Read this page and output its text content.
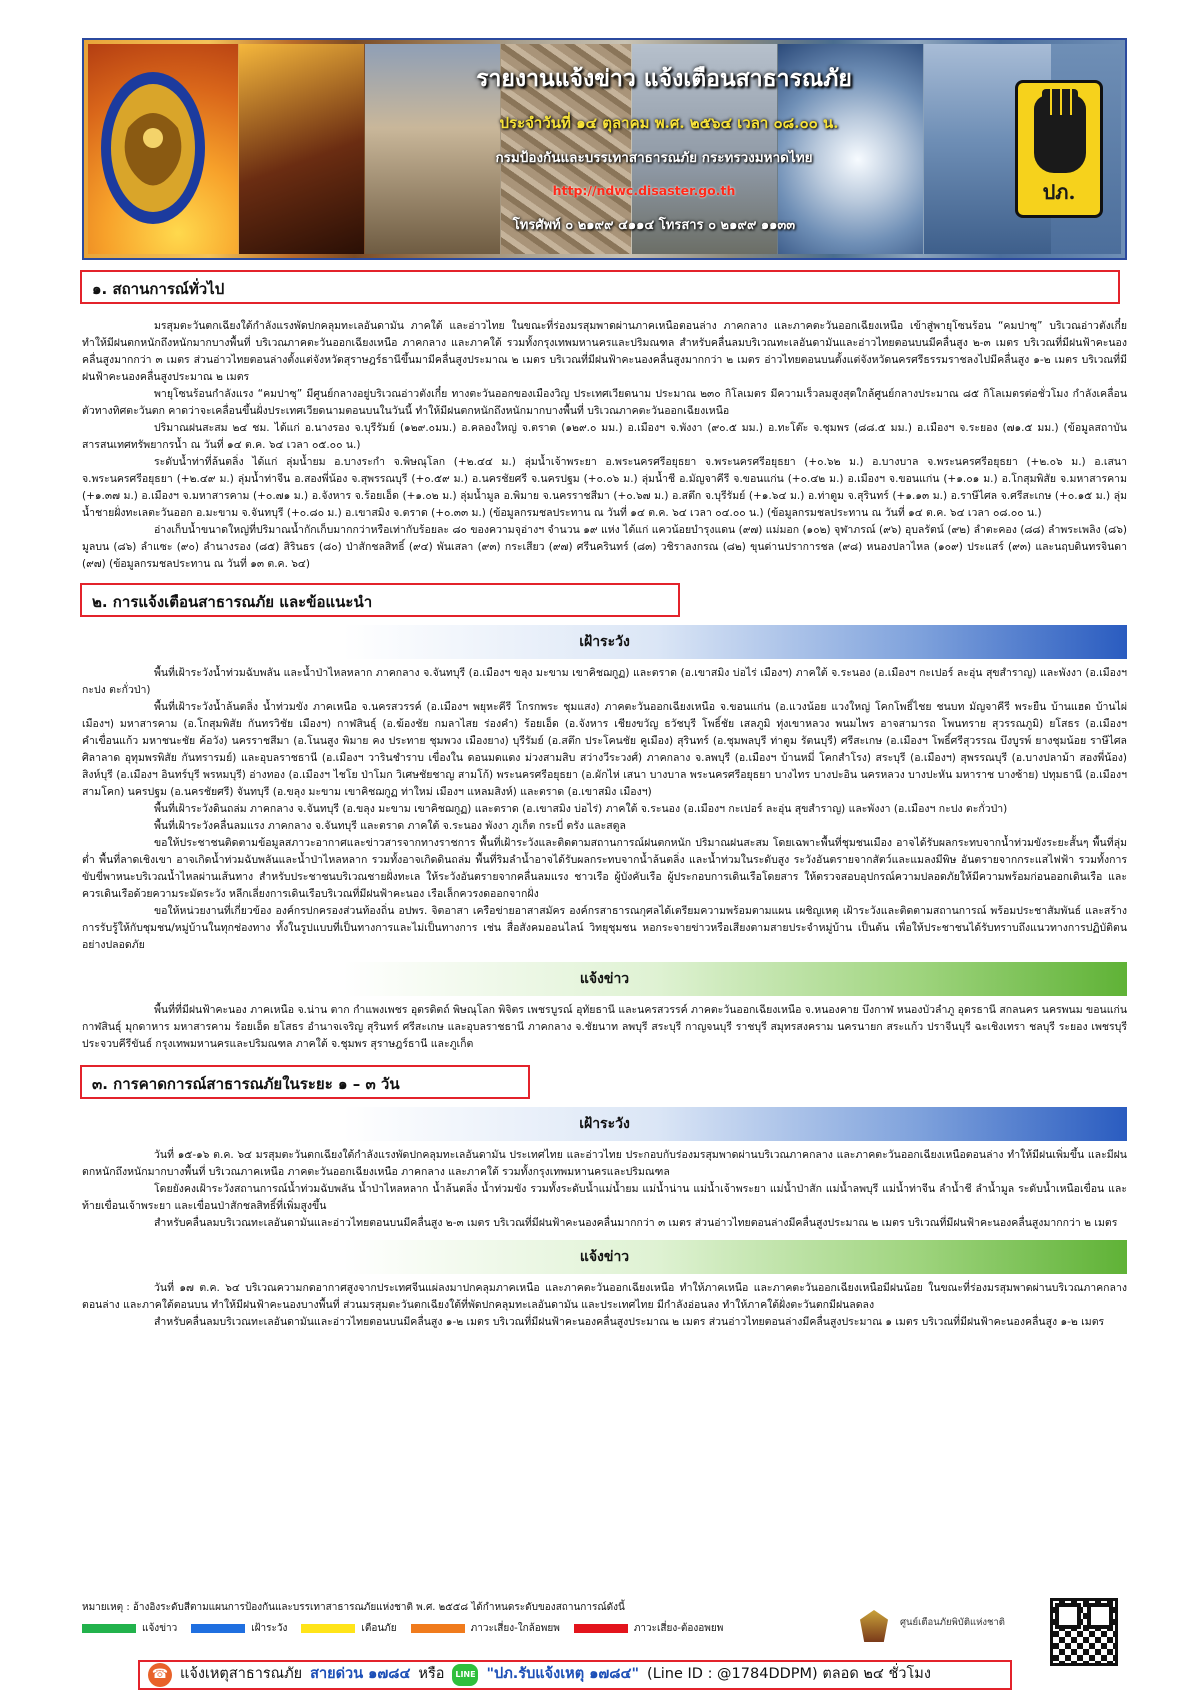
รายงานแจ้งข่าว แจ้งเตือนสาธารณภัย
ประจำวันที่ ๑๔ ตุลาคม พ.ศ. ๒๕๖๔ เวลา ๐๘.๐๐ น.
กรมป้องกันและบรรเทาสาธารณภัย กระทรวงมหาดไทย
http://ndwc.disaster.go.th
โทรศัพท์ ๐ ๒๑๙๙ ๔๑๑๔ โทรสาร ๐ ๒๑๙๙ ๑๑๓๓
ปภ.
๑. สถานการณ์ทั่วไป

มรสุมตะวันตกเฉียงใต้กำลังแรงพัดปกคลุมทะเลอันดามัน ภาคใต้ และอ่าวไทย ในขณะที่ร่องมรสุมพาดผ่านภาคเหนือตอนล่าง ภาคกลาง และภาคตะวันออกเฉียงเหนือ เข้าสู่พายุโซนร้อน “คมปาซุ” บริเวณอ่าวตังเกี๋ย ทำให้มีฝนตกหนักถึงหนักมากบางพื้นที่ บริเวณภาคตะวันออกเฉียงเหนือ ภาคกลาง และภาคใต้ รวมทั้งกรุงเทพมหานครและปริมณฑล สำหรับคลื่นลมบริเวณทะเลอันดามันและอ่าวไทยตอนบนมีคลื่นสูง ๒-๓ เมตร บริเวณที่มีฝนฟ้าคะนองคลื่นสูงมากกว่า ๓ เมตร ส่วนอ่าวไทยตอนล่างตั้งแต่จังหวัดสุราษฎร์ธานีขึ้นมามีคลื่นสูงประมาณ ๒ เมตร บริเวณที่มีฝนฟ้าคะนองคลื่นสูงมากกว่า ๒ เมตร อ่าวไทยตอนบนตั้งแต่จังหวัดนครศรีธรรมราชลงไปมีคลื่นสูง ๑-๒ เมตร บริเวณที่มีฝนฟ้าคะนองคลื่นสูงประมาณ ๒ เมตร

พายุโซนร้อนกำลังแรง “คมปาซุ” มีศูนย์กลางอยู่บริเวณอ่าวตังเกี๋ย ทางตะวันออกของเมืองวิญ ประเทศเวียดนาม ประมาณ ๒๓๐ กิโลเมตร มีความเร็วลมสูงสุดใกล้ศูนย์กลางประมาณ ๘๕ กิโลเมตรต่อชั่วโมง กำลังเคลื่อนตัวทางทิศตะวันตก คาดว่าจะเคลื่อนขึ้นฝั่งประเทศเวียดนามตอนบนในวันนี้ ทำให้มีฝนตกหนักถึงหนักมากบางพื้นที่ บริเวณภาคตะวันออกเฉียงเหนือ

ปริมาณฝนสะสม ๒๔ ชม. ได้แก่ อ.นางรอง จ.บุรีรัมย์ (๑๒๙.๐มม.) อ.คลองใหญ่ จ.ตราด (๑๒๙.๐ มม.) อ.เมืองฯ จ.พังงา (๙๐.๕ มม.) อ.ทะโต๊ะ จ.ชุมพร (๘๘.๕ มม.) อ.เมืองฯ จ.ระยอง (๗๑.๕ มม.) (ข้อมูลสถาบันสารสนเทศทรัพยากรน้ำ ณ วันที่ ๑๔ ต.ค. ๖๔ เวลา ๐๕.๐๐ น.)

ระดับน้ำท่าที่ล้นตลิ่ง ได้แก่ ลุ่มน้ำยม อ.บางระกำ จ.พิษณุโลก (+๒.๔๔ ม.) ลุ่มน้ำเจ้าพระยา อ.พระนครศรีอยุธยา จ.พระนครศรีอยุธยา (+๐.๖๒ ม.) อ.บางบาล จ.พระนครศรีอยุธยา (+๒.๐๖ ม.) อ.เสนา จ.พระนครศรีอยุธยา (+๒.๔๙ ม.) ลุ่มน้ำท่าจีน อ.สองพี่น้อง จ.สุพรรณบุรี (+๐.๕๙ ม.) อ.นครชัยศรี จ.นครปฐม (+๐.๐๖ ม.) ลุ่มน้ำชี อ.มัญจาคีรี จ.ขอนแก่น (+๐.๔๒ ม.) อ.เมืองฯ จ.ขอนแก่น (+๑.๐๑ ม.) อ.โกสุมพิสัย จ.มหาสารคาม (+๑.๓๗ ม.) อ.เมืองฯ จ.มหาสารคาม (+๐.๗๑ ม.) อ.จังหาร จ.ร้อยเอ็ด (+๑.๐๒ ม.) ลุ่มน้ำมูล อ.พิมาย จ.นครราชสีมา (+๐.๖๗ ม.) อ.สตึก จ.บุรีรัมย์ (+๑.๖๔ ม.) อ.ท่าตูม จ.สุรินทร์ (+๑.๑๓ ม.) อ.ราษีไศล จ.ศรีสะเกษ (+๐.๑๕ ม.) ลุ่มน้ำชายฝั่งทะเลตะวันออก อ.มะขาม จ.จันทบุรี (+๐.๘๐ ม.) อ.เขาสมิง จ.ตราด (+๐.๓๓ ม.) (ข้อมูลกรมชลประทาน ณ วันที่ ๑๔ ต.ค. ๖๔ เวลา ๐๔.๐๐ น.) (ข้อมูลกรมชลประทาน ณ วันที่ ๑๔ ต.ค. ๖๔ เวลา ๐๘.๐๐ น.)

อ่างเก็บน้ำขนาดใหญ่ที่ปริมาณน้ำกักเก็บมากกว่าหรือเท่ากับร้อยละ ๘๐ ของความจุอ่างฯ จำนวน ๑๙ แห่ง ได้แก่ แควน้อยบำรุงแดน (๙๗) แม่มอก (๑๐๒) จุฬาภรณ์ (๙๖) อุบลรัตน์ (๙๒) ลำตะคอง (๘๘) ลำพระเพลิง (๘๖) มูลบน (๘๖) ลำแซะ (๙๐) ลำนางรอง (๘๕) สิรินธร (๘๐) ป่าสักชลสิทธิ์ (๙๔) พันเสลา (๙๓) กระเสียว (๙๗) ศรีนครินทร์ (๘๓) วชิราลงกรณ (๘๒) ขุนด่านปราการชล (๙๘) หนองปลาไหล (๑๐๙) ประแสร์ (๙๓) และนฤบดินทรจินดา (๙๗) (ข้อมูลกรมชลประทาน ณ วันที่ ๑๓ ต.ค. ๖๔)

๒. การแจ้งเตือนสาธารณภัย และข้อแนะนำ
เฝ้าระวัง

พื้นที่เฝ้าระวังน้ำท่วมฉับพลัน และน้ำป่าไหลหลาก ภาคกลาง จ.จันทบุรี (อ.เมืองฯ ขลุง มะขาม เขาคิชฌกูฏ) และตราด (อ.เขาสมิง บ่อไร่ เมืองฯ) ภาคใต้ จ.ระนอง (อ.เมืองฯ กะเปอร์ ละอุ่น สุขสำราญ) และพังงา (อ.เมืองฯ กะปง ตะกั่วป่า)

พื้นที่เฝ้าระวังน้ำล้นตลิ่ง น้ำท่วมขัง ภาคเหนือ จ.นครสวรรค์ (อ.เมืองฯ พยุหะคีรี โกรกพระ ชุมแสง) ภาคตะวันออกเฉียงเหนือ จ.ขอนแก่น (อ.แวงน้อย แวงใหญ่ โคกโพธิ์ไชย ชนบท มัญจาคีรี พระยืน บ้านแฮด บ้านไผ่ เมืองฯ) มหาสารคาม (อ.โกสุมพิสัย กันทรวิชัย เมืองฯ) กาฬสินธุ์ (อ.ฆ้องชัย กมลาไสย ร่องคำ) ร้อยเอ็ด (อ.จังหาร เชียงขวัญ ธวัชบุรี โพธิ์ชัย เสลภูมิ ทุ่งเขาหลวง พนมไพร อาจสามารถ โพนทราย สุวรรณภูมิ) ยโสธร (อ.เมืองฯ คำเขื่อนแก้ว มหาชนะชัย ค้อวัง) นครราชสีมา (อ.โนนสูง พิมาย คง ประทาย ชุมพวง เมืองยาง) บุรีรัมย์ (อ.สตึก ประโคนชัย คูเมือง) สุรินทร์ (อ.ชุมพลบุรี ท่าตูม รัตนบุรี) ศรีสะเกษ (อ.เมืองฯ โพธิ์ศรีสุวรรณ บึงบูรพ์ ยางชุมน้อย ราษีไศล ศิลาลาด อุทุมพรพิสัย กันทรารมย์) และอุบลราชธานี (อ.เมืองฯ วารินชำราบ เขื่องใน ดอนมดแดง ม่วงสามสิบ สว่างวีระวงศ์) ภาคกลาง จ.ลพบุรี (อ.เมืองฯ บ้านหมี่ โคกสำโรง) สระบุรี (อ.เมืองฯ) สุพรรณบุรี (อ.บางปลาม้า สองพี่น้อง) สิงห์บุรี (อ.เมืองฯ อินทร์บุรี พรหมบุรี) อ่างทอง (อ.เมืองฯ ไชโย ป่าโมก วิเศษชัยชาญ สามโก้) พระนครศรีอยุธยา (อ.ผักไห่ เสนา บางบาล พระนครศรีอยุธยา บางไทร บางปะอิน นครหลวง บางปะหัน มหาราช บางซ้าย) ปทุมธานี (อ.เมืองฯ สามโคก) นครปฐม (อ.นครชัยศรี) จันทบุรี (อ.ขลุง มะขาม เขาคิชฌกูฏ ท่าใหม่ เมืองฯ แหลมสิงห์) และตราด (อ.เขาสมิง เมืองฯ)

พื้นที่เฝ้าระวังดินถล่ม ภาคกลาง จ.จันทบุรี (อ.ขลุง มะขาม เขาคิชฌกูฏ) และตราด (อ.เขาสมิง บ่อไร่) ภาคใต้ จ.ระนอง (อ.เมืองฯ กะเปอร์ ละอุ่น สุขสำราญ) และพังงา (อ.เมืองฯ กะปง ตะกั่วป่า)

พื้นที่เฝ้าระวังคลื่นลมแรง ภาคกลาง จ.จันทบุรี และตราด ภาคใต้ จ.ระนอง พังงา ภูเก็ต กระบี่ ตรัง และสตูล

ขอให้ประชาชนติดตามข้อมูลสภาวะอากาศและข่าวสารจากทางราชการ พื้นที่เฝ้าระวังและติดตามสถานการณ์ฝนตกหนัก ปริมาณฝนสะสม โดยเฉพาะพื้นที่ชุมชนเมือง อาจได้รับผลกระทบจากน้ำท่วมขังระยะสั้นๆ พื้นที่ลุ่มต่ำ พื้นที่ลาดเชิงเขา อาจเกิดน้ำท่วมฉับพลันและน้ำป่าไหลหลาก รวมทั้งอาจเกิดดินถล่ม พื้นที่ริมลำน้ำอาจได้รับผลกระทบจากน้ำล้นตลิ่ง และน้ำท่วมในระดับสูง ระวังอันตรายจากสัตว์และแมลงมีพิษ อันตรายจากกระแสไฟฟ้า รวมทั้งการขับขี่พาหนะบริเวณน้ำไหลผ่านเส้นทาง สำหรับประชาชนบริเวณชายฝั่งทะเล ให้ระวังอันตรายจากคลื่นลมแรง ชาวเรือ ผู้บังคับเรือ ผู้ประกอบการเดินเรือโดยสาร ให้ตรวจสอบอุปกรณ์ความปลอดภัยให้มีความพร้อมก่อนออกเดินเรือ และควรเดินเรือด้วยความระมัดระวัง หลีกเลี่ยงการเดินเรือบริเวณที่มีฝนฟ้าคะนอง เรือเล็กควรงดออกจากฝั่ง

ขอให้หน่วยงานที่เกี่ยวข้อง องค์กรปกครองส่วนท้องถิ่น อปพร. จิตอาสา เครือข่ายอาสาสมัคร องค์กรสาธารณกุศลได้เตรียมความพร้อมตามแผน เผชิญเหตุ เฝ้าระวังและติดตามสถานการณ์ พร้อมประชาสัมพันธ์ และสร้างการรับรู้ให้กับชุมชน/หมู่บ้านในทุกช่องทาง ทั้งในรูปแบบที่เป็นทางการและไม่เป็นทางการ เช่น สื่อสังคมออนไลน์ วิทยุชุมชน หอกระจายข่าวหรือเสียงตามสายประจำหมู่บ้าน เป็นต้น เพื่อให้ประชาชนได้รับทราบถึงแนวทางการปฏิบัติตนอย่างปลอดภัย

แจ้งข่าว

พื้นที่ที่มีฝนฟ้าคะนอง ภาคเหนือ จ.น่าน ตาก กำแพงเพชร อุตรดิตถ์ พิษณุโลก พิจิตร เพชรบูรณ์ อุทัยธานี และนครสวรรค์ ภาคตะวันออกเฉียงเหนือ จ.หนองคาย บึงกาฬ หนองบัวลำภู อุดรธานี สกลนคร นครพนม ขอนแก่น กาฬสินธุ์ มุกดาหาร มหาสารคาม ร้อยเอ็ด ยโสธร อำนาจเจริญ สุรินทร์ ศรีสะเกษ และอุบลราชธานี ภาคกลาง จ.ชัยนาท ลพบุรี สระบุรี กาญจนบุรี ราชบุรี สมุทรสงคราม นครนายก สระแก้ว ปราจีนบุรี ฉะเชิงเทรา ชลบุรี ระยอง เพชรบุรี ประจวบคีรีขันธ์ กรุงเทพมหานครและปริมณฑล ภาคใต้ จ.ชุมพร สุราษฎร์ธานี และภูเก็ต

๓. การคาดการณ์สาธารณภัยในระยะ ๑ – ๓ วัน
เฝ้าระวัง

วันที่ ๑๕-๑๖ ต.ค. ๖๔ มรสุมตะวันตกเฉียงใต้กำลังแรงพัดปกคลุมทะเลอันดามัน ประเทศไทย และอ่าวไทย ประกอบกับร่องมรสุมพาดผ่านบริเวณภาคกลาง และภาคตะวันออกเฉียงเหนือตอนล่าง ทำให้มีฝนเพิ่มขึ้น และมีฝนตกหนักถึงหนักมากบางพื้นที่ บริเวณภาคเหนือ ภาคตะวันออกเฉียงเหนือ ภาคกลาง และภาคใต้ รวมทั้งกรุงเทพมหานครและปริมณฑล

โดยยังคงเฝ้าระวังสถานการณ์น้ำท่วมฉับพลัน น้ำป่าไหลหลาก น้ำล้นตลิ่ง น้ำท่วมขัง รวมทั้งระดับน้ำแม่น้ำยม แม่น้ำน่าน แม่น้ำเจ้าพระยา แม่น้ำป่าสัก แม่น้ำลพบุรี แม่น้ำท่าจีน ลำน้ำชี ลำน้ำมูล ระดับน้ำเหนือเขื่อน และท้ายเขื่อนเจ้าพระยา และเขื่อนป่าสักชลสิทธิ์ที่เพิ่มสูงขึ้น

สำหรับคลื่นลมบริเวณทะเลอันดามันและอ่าวไทยตอนบนมีคลื่นสูง ๒-๓ เมตร บริเวณที่มีฝนฟ้าคะนองคลื่นมากกว่า ๓ เมตร ส่วนอ่าวไทยตอนล่างมีคลื่นสูงประมาณ ๒ เมตร บริเวณที่มีฝนฟ้าคะนองคลื่นสูงมากกว่า ๒ เมตร

แจ้งข่าว

วันที่ ๑๗ ต.ค. ๖๔ บริเวณความกดอากาศสูงจากประเทศจีนแผ่ลงมาปกคลุมภาคเหนือ และภาคตะวันออกเฉียงเหนือ ทำให้ภาคเหนือ และภาคตะวันออกเฉียงเหนือมีฝนน้อย ในขณะที่ร่องมรสุมพาดผ่านบริเวณภาคกลางตอนล่าง และภาคใต้ตอนบน ทำให้มีฝนฟ้าคะนองบางพื้นที่ ส่วนมรสุมตะวันตกเฉียงใต้ที่พัดปกคลุมทะเลอันดามัน และประเทศไทย มีกำลังอ่อนลง ทำให้ภาคใต้ฝั่งตะวันตกมีฝนลดลง

สำหรับคลื่นลมบริเวณทะเลอันดามันและอ่าวไทยตอนบนมีคลื่นสูง ๑-๒ เมตร บริเวณที่มีฝนฟ้าคะนองคลื่นสูงประมาณ ๒ เมตร ส่วนอ่าวไทยตอนล่างมีคลื่นสูงประมาณ ๑ เมตร บริเวณที่มีฝนฟ้าคะนองคลื่นสูง ๑-๒ เมตร

หมายเหตุ : อ้างอิงระดับสีตามแผนการป้องกันและบรรเทาสาธารณภัยแห่งชาติ พ.ศ. ๒๕๕๘ ได้กำหนดระดับของสถานการณ์ดังนี้
แจ้งข่าว	เฝ้าระวัง	เตือนภัย	ภาวะเสี่ยง-ใกล้อพยพ	ภาวะเสี่ยง-ต้องอพยพ
ศูนย์เตือนภัยพิบัติแห่งชาติ
☎ แจ้งเหตุสาธารณภัย สายด่วน ๑๗๘๔ หรือ	LINE "ปภ.รับแจ้งเหตุ ๑๗๘๔" (Line ID : @1784DDPM) ตลอด ๒๔ ชั่วโมง
